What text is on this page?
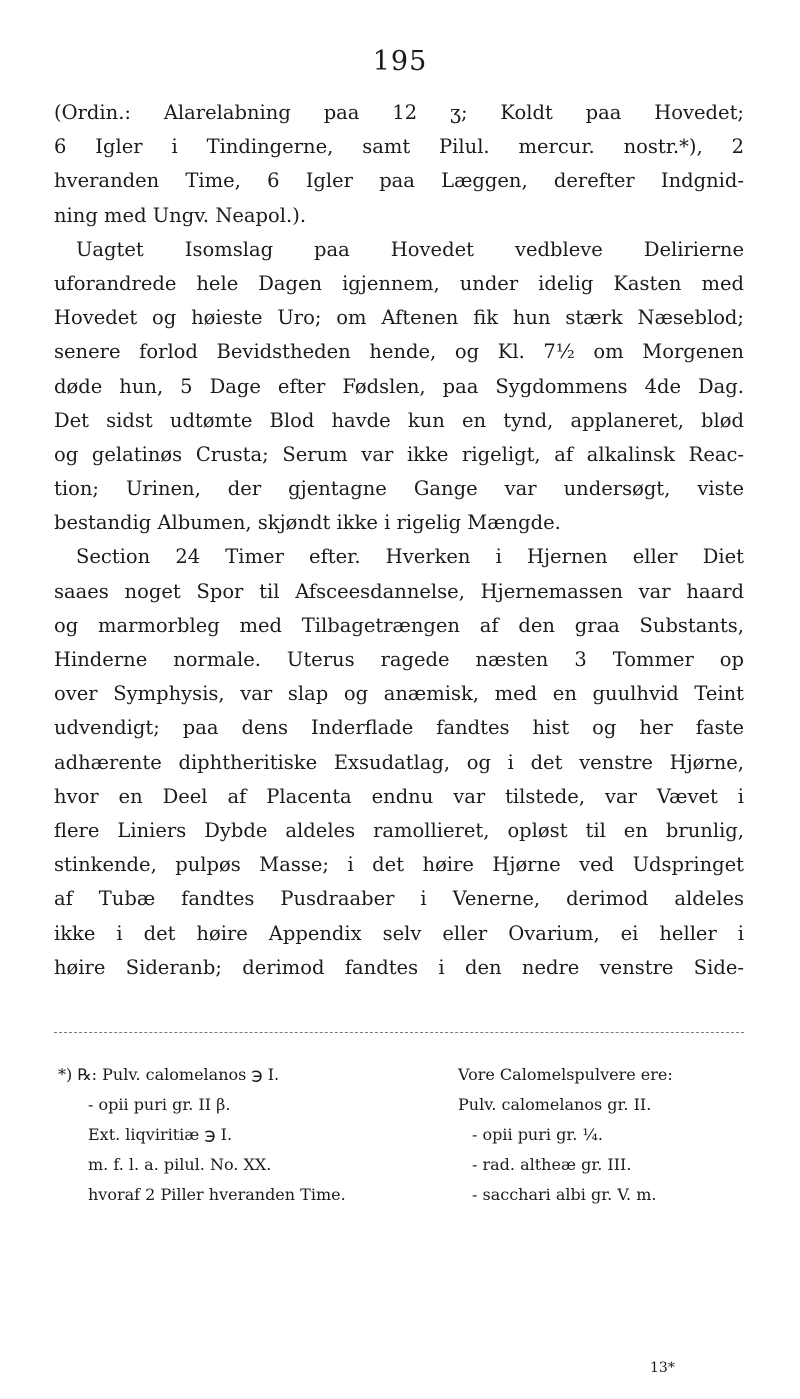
195
(Ordin.: Alarelabning paa 12 ʒ; Koldt paa Hovedet;
6 Igler i Tindingerne, samt Pilul. mercur. nostr.*), 2
hveranden Time, 6 Igler paa Læggen, derefter Indgnid-
ning med Ungv. Neapol.).
Uagtet Isomslag paa Hovedet vedblevе Delirierne
uforandrede hele Dagen igjennem, under idelig Kasten med
Hovedet og høieste Uro; om Aftenen fik hun stærk Næseblod;
senere forlod Bevidstheden hende, og Kl. 7½ om Morgenen
døde hun, 5 Dage efter Fødslen, paa Sygdommens 4de Dag.
Det sidst udtømte Blod havde kun en tynd, applaneret, blød
og gelatinøs Crusta; Serum var ikke rigeligt, af alkalinsk Reac-
tion; Urinen, der gjentagne Gange var undersøgt, viste
bestandig Albumen, skjøndt ikke i rigelig Mængde.
Section 24 Timer efter. Hverken i Hjernen eller Diet
saaes noget Spor til Afsceesdannelse, Hjernemassen var haard
og marmorbleg med Tilbagetrængen af den graa Substants,
Hinderne normale. Uterus ragede næsten 3 Tommer op
over Symphysis, var slap og anæmisk, med en guulhvid Teint
udvendigt; paa dens Inderflade fandtes hist og her faste
adhærente diphtheritiske Exsudatlag, og i det venstre Hjørne,
hvor en Deel af Placenta endnu var tilstede, var Vævet i
flere Liniers Dybde aldeles ramollieret, opløst til en brunlig,
stinkende, pulpøs Masse; i det høire Hjørne ved Udspringet
af Tubæ fandtes Pusdraaber i Venerne, derimod aldeles
ikke i det høire Appendix selv eller Ovarium, ei heller i
høire Sideranb; derimod fandtes i den nedre venstre Side-
*) ℞: Pulv. calomelanos ℈ I.
- opii puri gr. II β.
Ext. liqviritiæ ℈ I.
m. f. l. a. pilul. No. XX.
hvoraf 2 Piller hveranden Time.
Vore Calomelspulvere ere:
Pulv. calomelanos gr. II.
- opii puri gr. ¼.
- rad. altheæ gr. III.
- sacchari albi gr. V. m.
13*
